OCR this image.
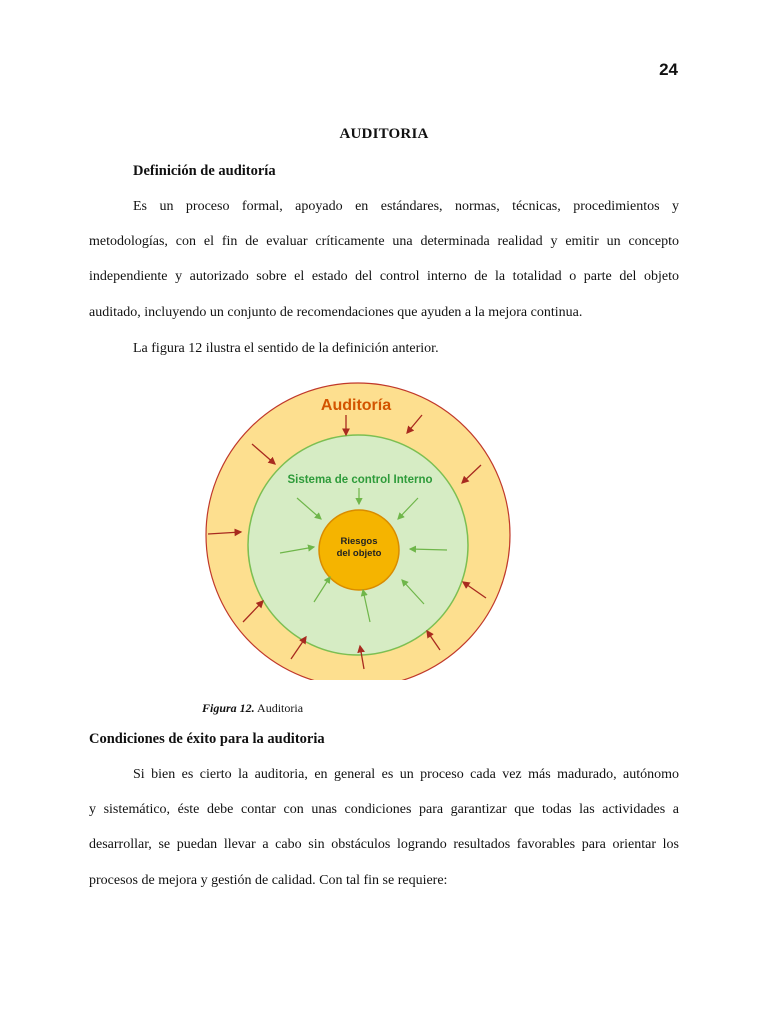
24
AUDITORIA
Definición de auditoría
Es un proceso formal, apoyado en estándares, normas, técnicas, procedimientos y
metodologías, con el fin de evaluar críticamente una determinada realidad y emitir un concepto
independiente y autorizado sobre el estado del control interno de la totalidad o parte del objeto
auditado, incluyendo un conjunto de recomendaciones que ayuden a la mejora continua.
La figura 12 ilustra el sentido de la definición anterior.
Auditoría
Sistema de control Interno
Riesgos
del objeto
Figura 12. Auditoria
Condiciones de éxito para la auditoria
Si bien es cierto la auditoria, en general es un proceso cada vez más madurado, autónomo
y sistemático, éste debe contar con unas condiciones para garantizar que todas las actividades a
desarrollar, se puedan llevar a cabo sin obstáculos logrando resultados favorables para orientar los
procesos de mejora y gestión de calidad. Con tal fin se requiere:
